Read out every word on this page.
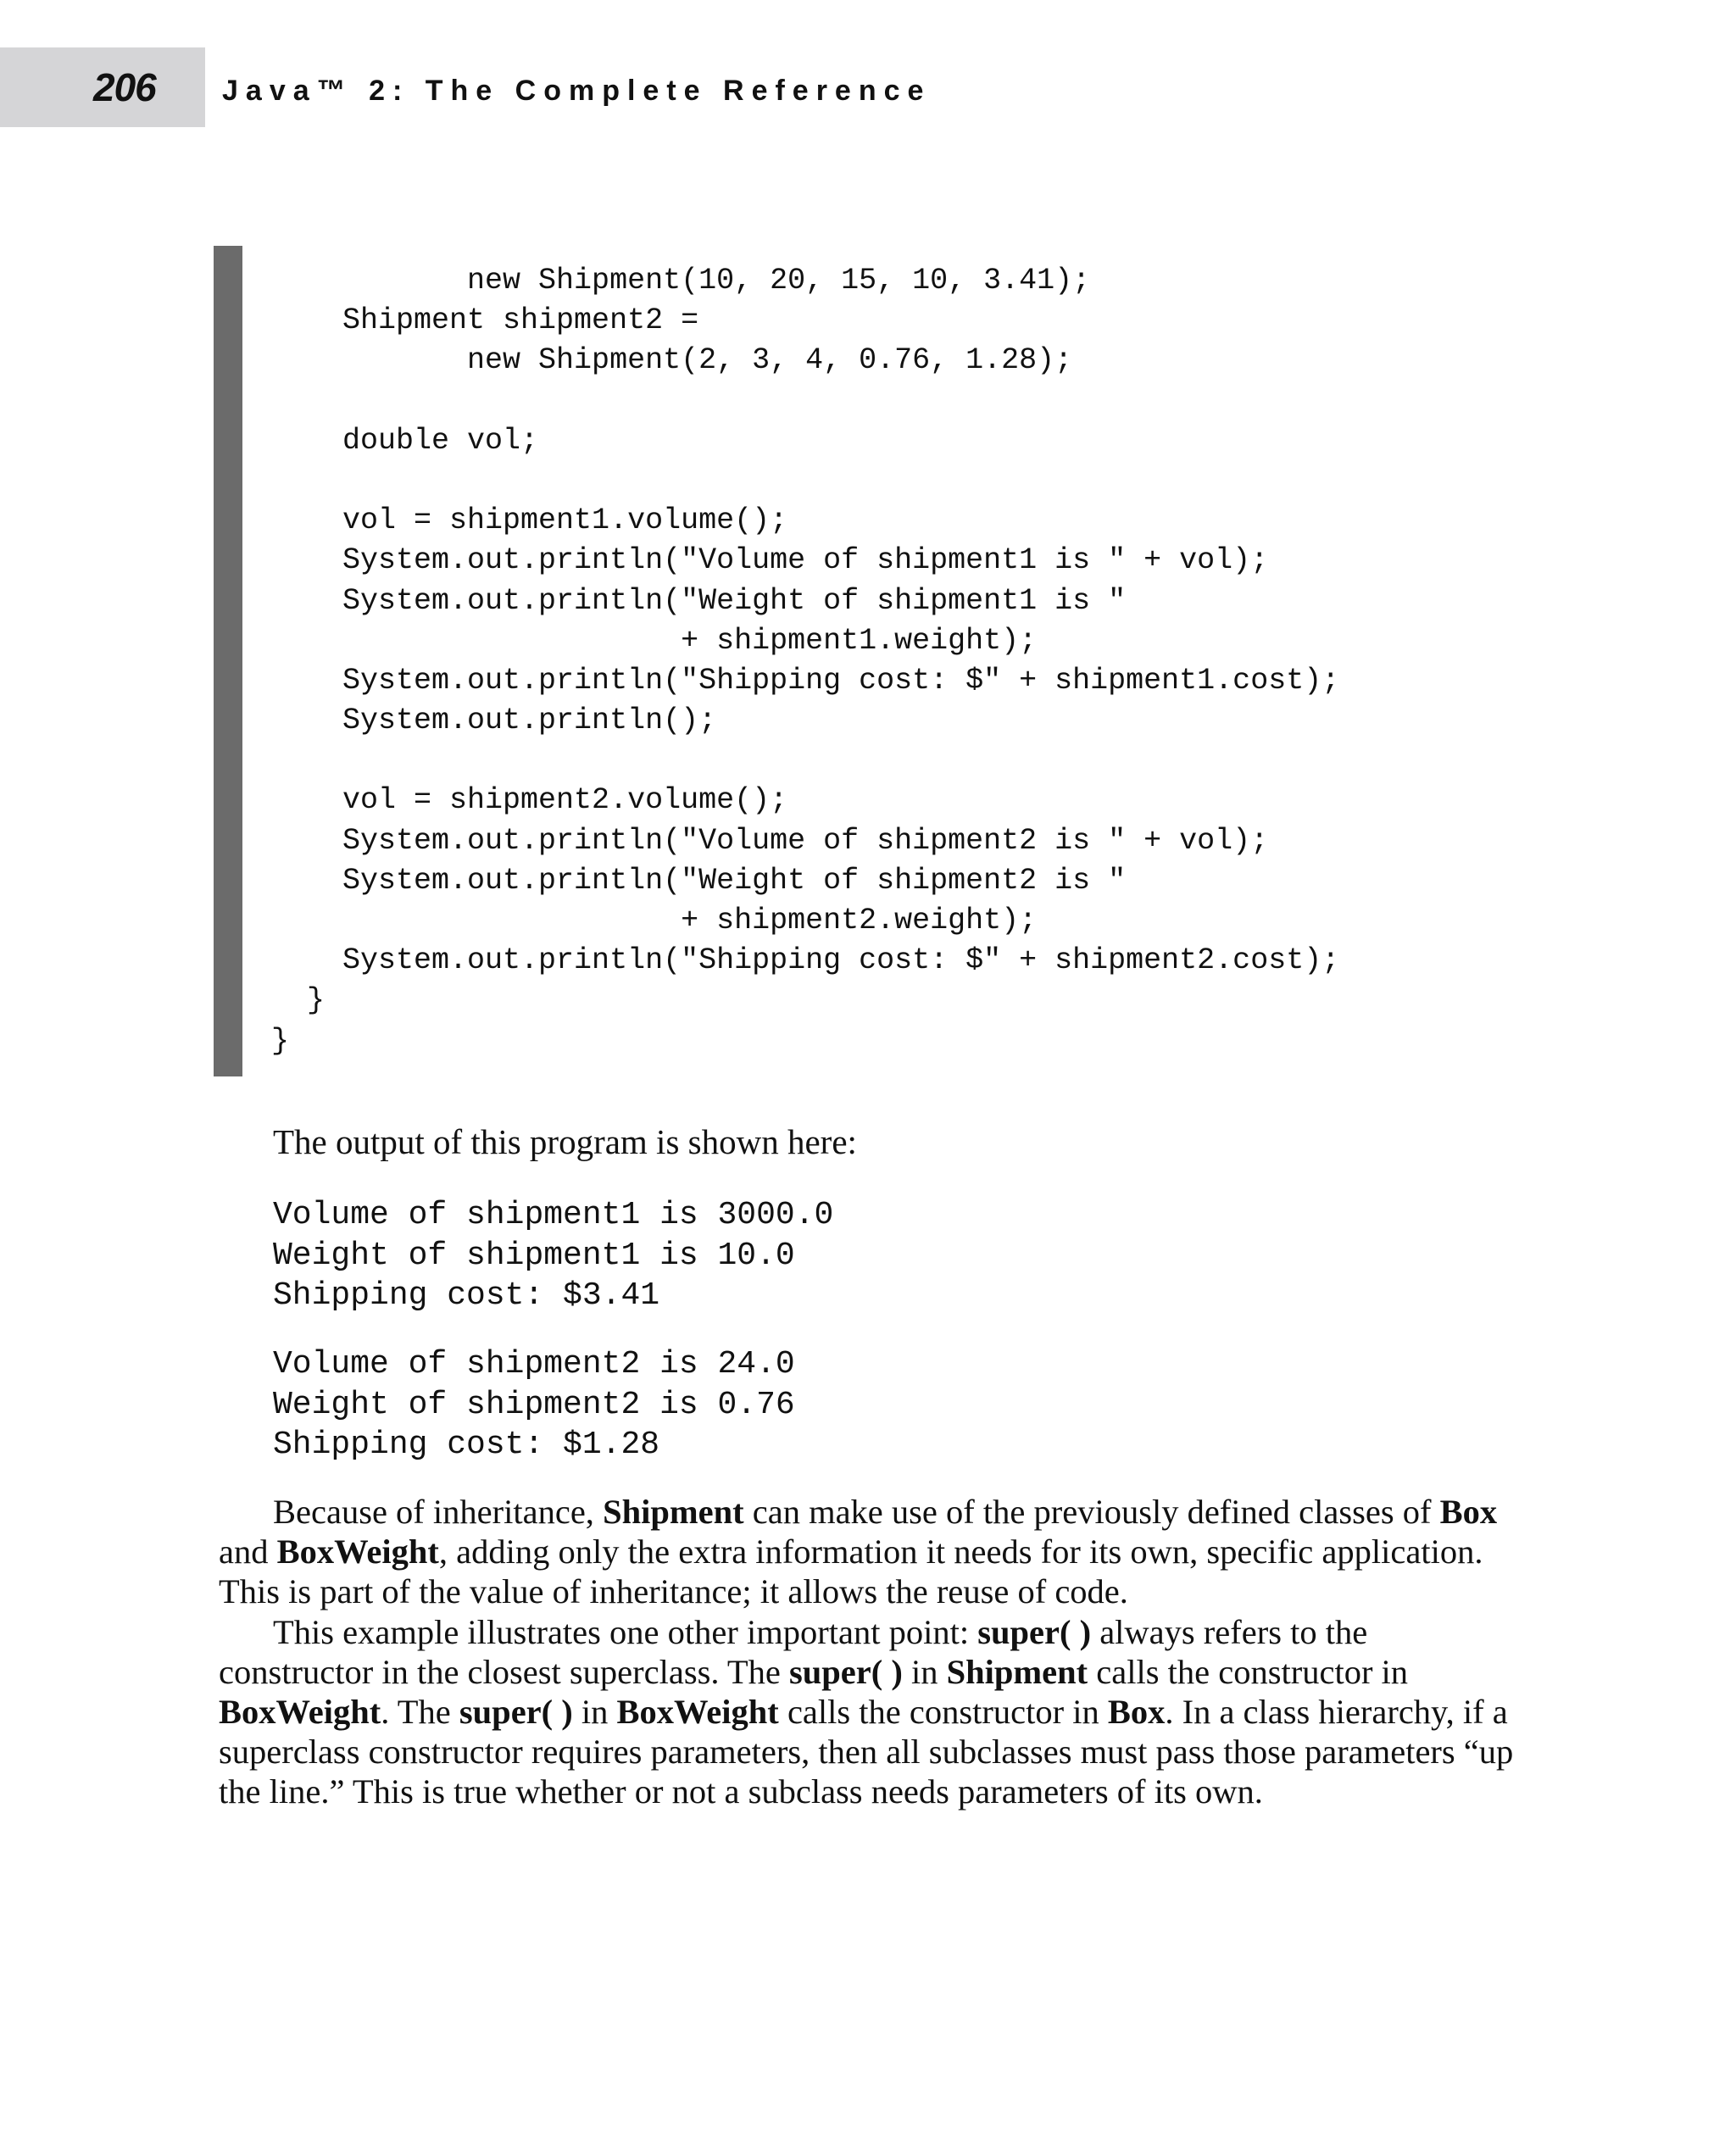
206 Java™ 2: The Complete Reference
new Shipment(10, 20, 15, 10, 3.41);
Shipment shipment2 =
new Shipment(2, 3, 4, 0.76, 1.28);
double vol;
vol = shipment1.volume();
System.out.println("Volume of shipment1 is " + vol);
System.out.println("Weight of shipment1 is "
+ shipment1.weight);
System.out.println("Shipping cost: $" + shipment1.cost);
System.out.println();
vol = shipment2.volume();
System.out.println("Volume of shipment2 is " + vol);
System.out.println("Weight of shipment2 is "
+ shipment2.weight);
System.out.println("Shipping cost: $" + shipment2.cost);
}
}

The output of this program is shown here:

Volume of shipment1 is 3000.0
Weight of shipment1 is 10.0
Shipping cost: $3.41
Volume of shipment2 is 24.0
Weight of shipment2 is 0.76
Shipping cost: $1.28

Because of inheritance, Shipment can make use of the previously defined classes of Box and BoxWeight, adding only the extra information it needs for its own, specific application. This is part of the value of inheritance; it allows the reuse of code.

This example illustrates one other important point: super( ) always refers to the constructor in the closest superclass. The super( ) in Shipment calls the constructor in BoxWeight. The super( ) in BoxWeight calls the constructor in Box. In a class hierarchy, if a superclass constructor requires parameters, then all subclasses must pass those parameters “up the line.” This is true whether or not a subclass needs parameters of its own.
